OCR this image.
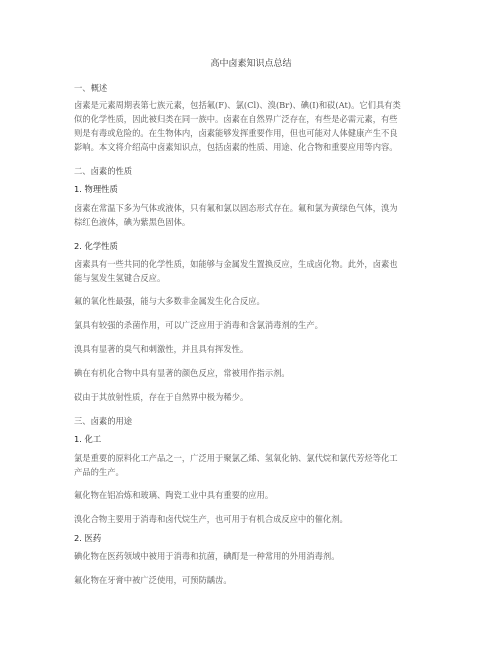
高中卤素知识点总结
一、概述
卤素是元素周期表第七族元素，包括氟(F)、氯(Cl)、溴(Br)、碘(I)和砹(At)。它们具有类
似的化学性质，因此被归类在同一族中。卤素在自然界广泛存在，有些是必需元素，有些
则是有毒或危险的。在生物体内，卤素能够发挥重要作用，但也可能对人体健康产生不良
影响。本文将介绍高中卤素知识点，包括卤素的性质、用途、化合物和重要应用等内容。
二、卤素的性质
1. 物理性质
卤素在常温下多为气体或液体，只有氟和氯以固态形式存在。氟和氯为黄绿色气体，溴为
棕红色液体，碘为紫黑色固体。
2. 化学性质
卤素具有一些共同的化学性质，如能够与金属发生置换反应，生成卤化物。此外，卤素也
能与氢发生氢键合反应。
氟的氧化性最强，能与大多数非金属发生化合反应。
氯具有较强的杀菌作用，可以广泛应用于消毒和含氯消毒剂的生产。
溴具有显著的臭气和刺激性，并且具有挥发性。
碘在有机化合物中具有显著的颜色反应，常被用作指示剂。
砹由于其放射性质，存在于自然界中极为稀少。
三、卤素的用途
1. 化工
氯是重要的原料化工产品之一，广泛用于聚氯乙烯、氢氧化钠、氯代烷和氯代芳烃等化工
产品的生产。
氟化物在铝冶炼和玻璃、陶瓷工业中具有重要的应用。
溴化合物主要用于消毒和卤代烷生产，也可用于有机合成反应中的催化剂。
2. 医药
碘化物在医药领域中被用于消毒和抗菌，碘酊是一种常用的外用消毒剂。
氟化物在牙膏中被广泛使用，可预防龋齿。
